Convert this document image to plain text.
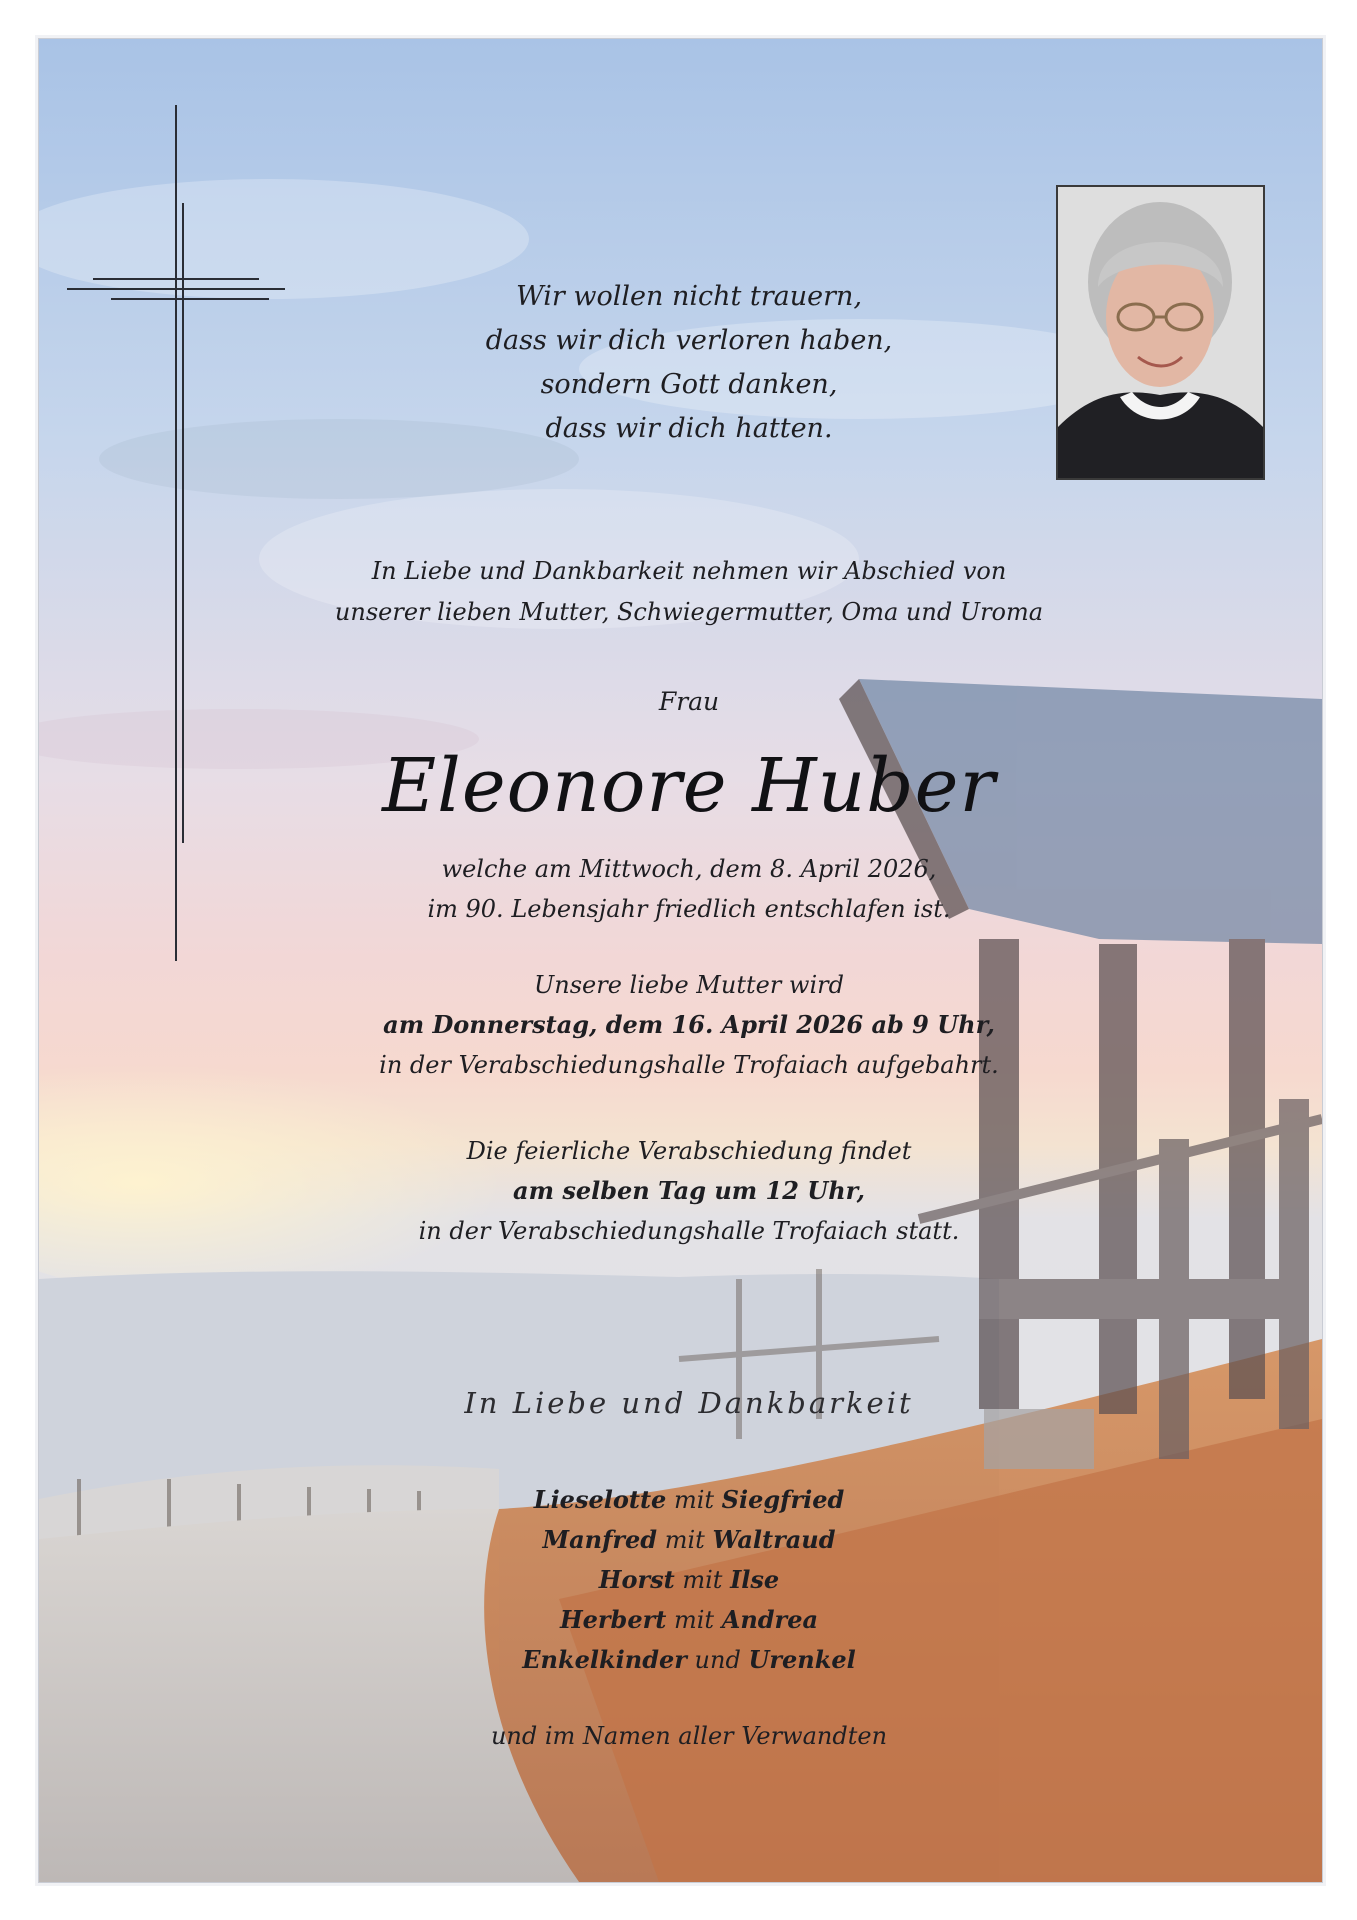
Wir wollen nicht trauern,
dass wir dich verloren haben,
sondern Gott danken,
dass wir dich hatten.
In Liebe und Dankbarkeit nehmen wir Abschied von
unserer lieben Mutter, Schwiegermutter, Oma und Uroma
Frau
Eleonore Huber
welche am Mittwoch, dem 8. April 2026,
im 90. Lebensjahr friedlich entschlafen ist.
Unsere liebe Mutter wird
am Donnerstag, dem 16. April 2026 ab 9 Uhr,
in der Verabschiedungshalle Trofaiach aufgebahrt.
Die feierliche Verabschiedung findet
am selben Tag um 12 Uhr,
in der Verabschiedungshalle Trofaiach statt.
In Liebe und Dankbarkeit
Lieselotte mit Siegfried
Manfred mit Waltraud
Horst mit Ilse
Herbert mit Andrea
Enkelkinder und Urenkel
und im Namen aller Verwandten
